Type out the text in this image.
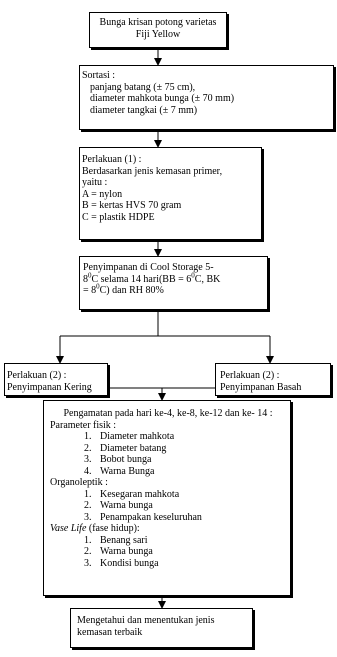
Bunga krisan potong varietas
Fiji Yellow
Sortasi :
panjang batang (± 75 cm),
diameter mahkota bunga (± 70 mm)
diameter tangkai (± 7 mm)
Perlakuan (1) :
Berdasarkan jenis kemasan primer,
yaitu :
A = nylon
B = kertas HVS 70 gram
C = plastik HDPE
Penyimpanan di Cool Storage 5-
$8^0C$ selama 14 hari(BB = $6^0C$, BK
= $8^0C$) dan RH 80%
Perlakuan (2) :
Penyimpanan Kering
Perlakuan (2) :
Penyimpanan Basah
Pengamatan pada hari ke-4, ke-8, ke-12 dan ke- 14 :
Parameter fisik :
1. Diameter mahkota
2. Diameter batang
3. Bobot bunga
4. Warna Bunga
Organoleptik :
1. Kesegaran mahkota
2. Warna bunga
3. Penampakan keseluruhan
Vase Life (fase hidup):
1. Benang sari
2. Warna bunga
3. Kondisi bunga
Mengetahui dan menentukan jenis
kemasan terbaik
